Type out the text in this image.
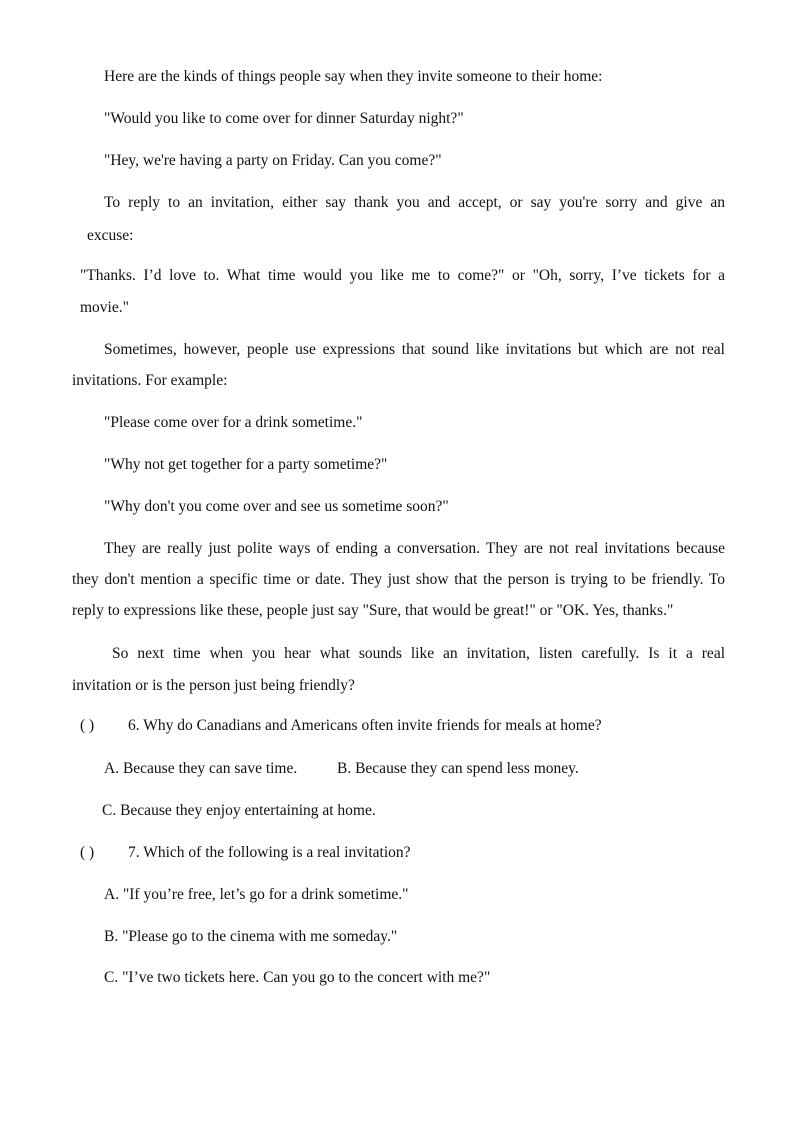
Here are the kinds of things people say when they invite someone to their home:
"Would you like to come over for dinner Saturday night?"
"Hey, we're having a party on Friday. Can you come?"
To reply to an invitation, either say thank you and accept, or say you're sorry and give an
excuse:
"Thanks. I’d love to. What time would you like me to come?" or "Oh, sorry, I’ve tickets for a
movie."
Sometimes, however, people use expressions that sound like invitations but which are not real
invitations. For example:
"Please come over for a drink sometime."
"Why not get together for a party sometime?"
"Why don't you come over and see us sometime soon?"
They are really just polite ways of ending a conversation. They are not real invitations because
they don't mention a specific time or date. They just show that the person is trying to be friendly. To
reply to expressions like these, people just say "Sure, that would be great!" or "OK. Yes, thanks."
So next time when you hear what sounds like an invitation, listen carefully. Is it a real
invitation or is the person just being friendly?
( ) 6. Why do Canadians and Americans often invite friends for meals at home?
A. Because they can save time.	B. Because they can spend less money.
C. Because they enjoy entertaining at home.
( ) 7. Which of the following is a real invitation?
A. "If you’re free, let’s go for a drink sometime."
B. "Please go to the cinema with me someday."
C. "I’ve two tickets here. Can you go to the concert with me?"
